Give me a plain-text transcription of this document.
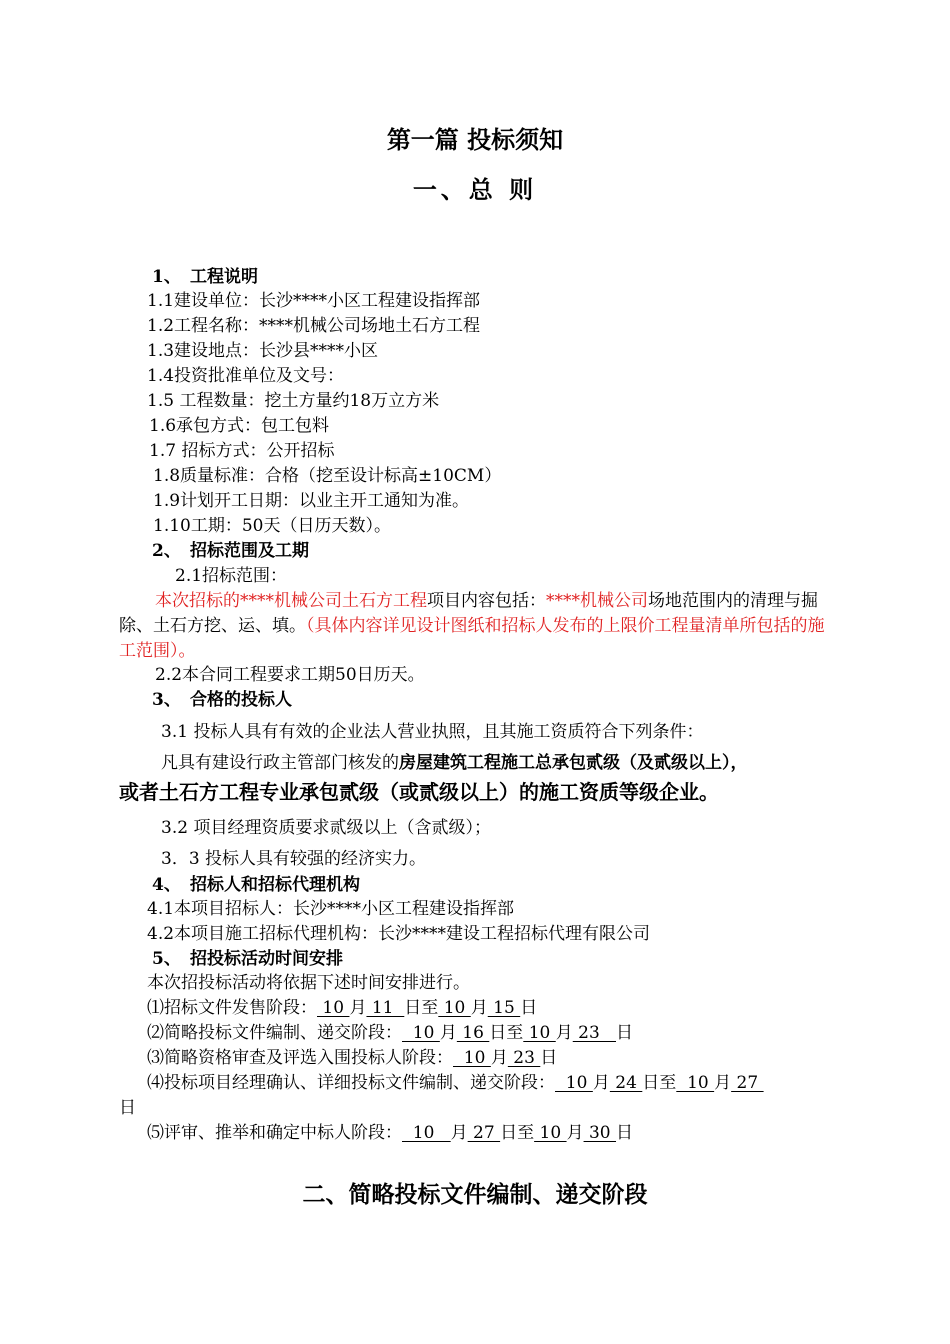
第一篇 投标须知
一、总 则
1、 工程说明
1.1建设单位：长沙****小区工程建设指挥部
1.2工程名称：****机械公司场地土石方工程
1.3建设地点：长沙县****小区
1.4投资批准单位及文号：
1.5 工程数量：挖土方量约18万立方米
1.6承包方式：包工包料
1.7 招标方式：公开招标
1.8质量标准：合格（挖至设计标高±10CM）
1.9计划开工日期：以业主开工通知为准。
1.10工期：50天（日历天数）。
2、 招标范围及工期
2.1招标范围：
本次招标的****机械公司土石方工程项目内容包括：****机械公司场地范围内的清理与掘除、土石方挖、运、填。（具体内容详见设计图纸和招标人发布的上限价工程量清单所包括的施工范围）。
2.2本合同工程要求工期50日历天。
3、 合格的投标人
3.1 投标人具有有效的企业法人营业执照，且其施工资质符合下列条件：
凡具有建设行政主管部门核发的房屋建筑工程施工总承包贰级（及贰级以上），
或者土石方工程专业承包贰级（或贰级以上）的施工资质等级企业。
3.2 项目经理资质要求贰级以上（含贰级）；
3．3 投标人具有较强的经济实力。
4、 招标人和招标代理机构
4.1本项目招标人：长沙****小区工程建设指挥部
4.2本项目施工招标代理机构：长沙****建设工程招标代理有限公司
5、 招投标活动时间安排
本次招投标活动将依据下述时间安排进行。
⑴招标文件发售阶段： 10 月 11  日至 10 月 15 日
⑵简略投标文件编制、递交阶段：  10 月 16 日至 10 月 23   日
⑶简略资格审查及评选入围投标人阶段：  10 月 23 日
⑷投标项目经理确认、详细投标文件编制、递交阶段：  10 月 24 日至  10 月 27
日
⑸评审、推举和确定中标人阶段：  10   月 27 日至 10 月 30 日
二、简略投标文件编制、递交阶段
